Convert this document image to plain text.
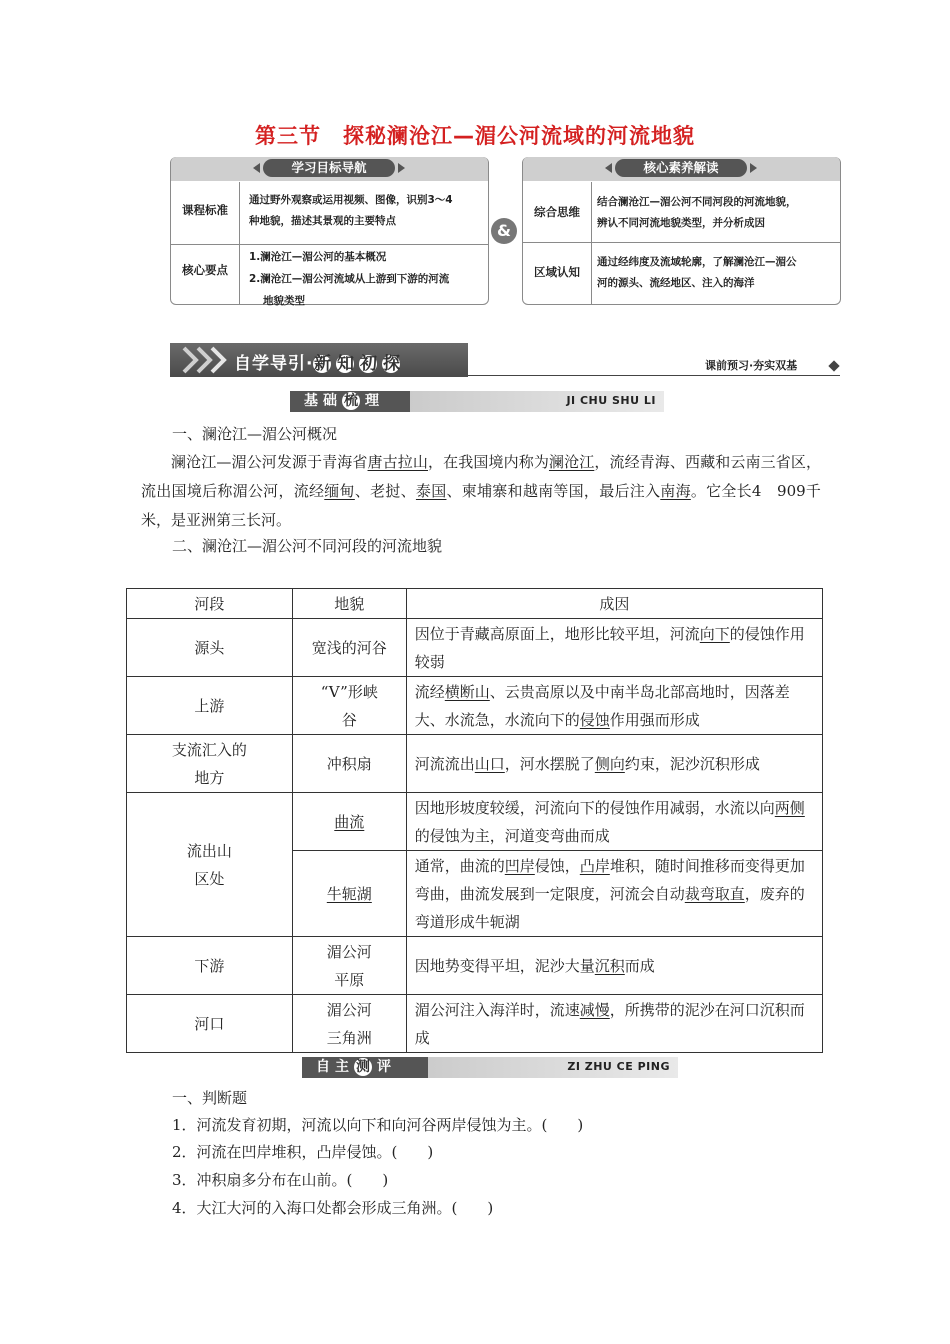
第三节　探秘澜沧江—湄公河流域的河流地貌
学习目标导航
课程标准
通过野外观察或运用视频、图像，识别3～4
种地貌，描述其景观的主要特点
核心要点
1.澜沧江—湄公河的基本概况
2.澜沧江—湄公河流域从上游到下游的河流
地貌类型
&
核心素养解读
综合思维
结合澜沧江—湄公河不同河段的河流地貌，
辨认不同河流地貌类型，并分析成因
区域认知
通过经纬度及流域轮廓，了解澜沧江—湄公
河的源头、流经地区、注入的海洋
自学导引·新 知 初 探	课前预习·夯实双基
基础 梳 理	JI CHU SHU LI
一、澜沧江—湄公河概况
澜沧江—湄公河发源于青海省唐古拉山，在我国境内称为澜沧江，流经青海、西藏和云南三省区，流出国境后称湄公河，流经缅甸、老挝、泰国、柬埔寨和越南等国，最后注入南海。它全长4　909千米，是亚洲第三长河。
二、澜沧江—湄公河不同河段的河流地貌
河段	地貌	成因
源头	宽浅的河谷	因位于青藏高原面上，地形比较平坦，河流向下的侵蚀作用较弱
上游	“V”形峡谷	流经横断山、云贵高原以及中南半岛北部高地时，因落差大、水流急，水流向下的侵蚀作用强而形成

支流汇入的地方	冲积扇	河流流出山口，河水摆脱了侧向约束，泥沙沉积形成

流出山区处	曲流	因地形坡度较缓，河流向下的侵蚀作用减弱，水流以向两侧的侵蚀为主，河道变弯曲而成
	牛轭湖	通常，曲流的凹岸侵蚀，凸岸堆积，随时间推移而变得更加弯曲，曲流发展到一定限度，河流会自动裁弯取直，废弃的弯道形成牛轭湖
下游	湄公河平原	因地势变得平坦，泥沙大量沉积而成
河口	湄公河三角洲	湄公河注入海洋时，流速减慢，所携带的泥沙在河口沉积而成
自主 测 评	ZI ZHU CE PING
一、判断题
1．河流发育初期，河流以向下和向河谷两岸侵蚀为主。(　　)
2．河流在凹岸堆积，凸岸侵蚀。(　　)
3．冲积扇多分布在山前。(　　)
4．大江大河的入海口处都会形成三角洲。(　　)
